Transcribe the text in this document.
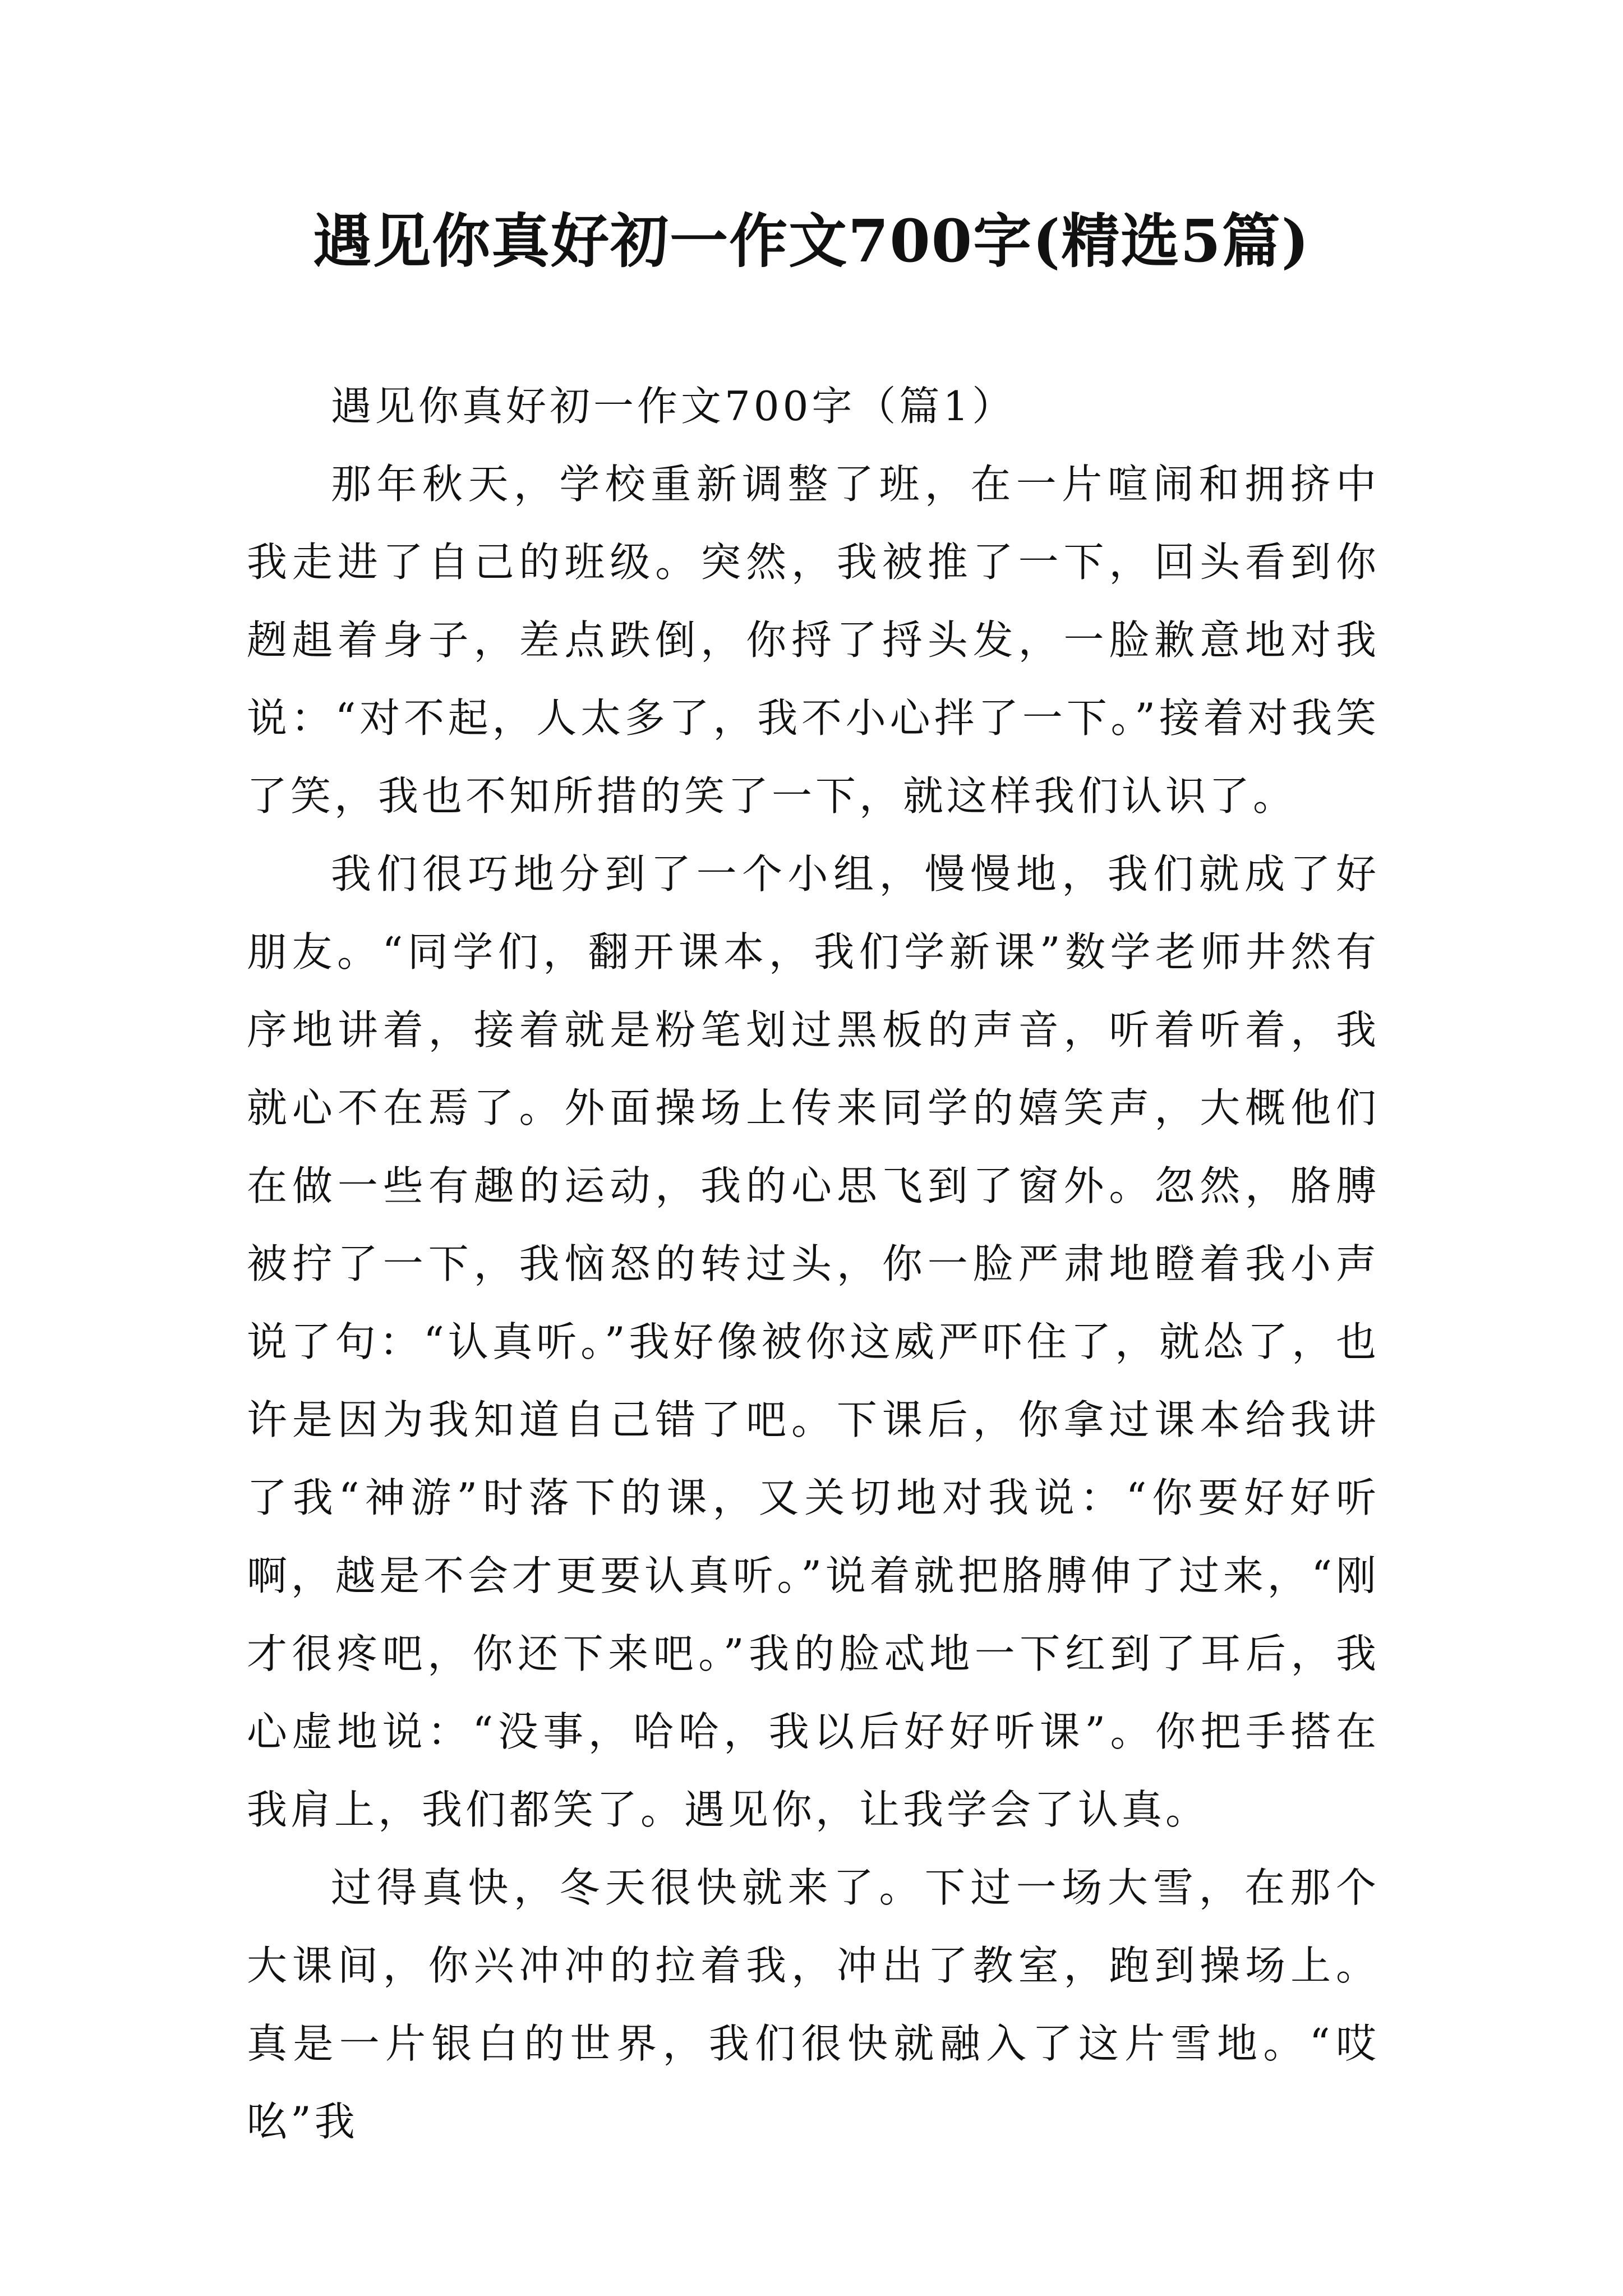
遇见你真好初一作文700字(精选5篇)
遇见你真好初一作文700字（篇1）

那年秋天，学校重新调整了班，在一片喧闹和拥挤中我走进了自己的班级。突然，我被推了一下，回头看到你趔趄着身子，差点跌倒，你捋了捋头发，一脸歉意地对我说：“对不起，人太多了，我不小心拌了一下。”接着对我笑了笑，我也不知所措的笑了一下，就这样我们认识了。

我们很巧地分到了一个小组，慢慢地，我们就成了好朋友。“同学们，翻开课本，我们学新课”数学老师井然有序地讲着，接着就是粉笔划过黑板的声音，听着听着，我就心不在焉了。外面操场上传来同学的嬉笑声，大概他们在做一些有趣的运动，我的心思飞到了窗外。忽然，胳膊被拧了一下，我恼怒的转过头，你一脸严肃地瞪着我小声说了句：“认真听。”我好像被你这威严吓住了，就怂了，也许是因为我知道自己错了吧。下课后，你拿过课本给我讲了我“神游”时落下的课，又关切地对我说：“你要好好听啊，越是不会才更要认真听。”说着就把胳膊伸了过来，“刚才很疼吧，你还下来吧。”我的脸忒地一下红到了耳后，我心虚地说：“没事，哈哈，我以后好好听课”。你把手搭在我肩上，我们都笑了。遇见你，让我学会了认真。

过得真快，冬天很快就来了。下过一场大雪，在那个大课间，你兴冲冲的拉着我，冲出了教室，跑到操场上。真是一片银白的世界，我们很快就融入了这片雪地。“哎吆”我
